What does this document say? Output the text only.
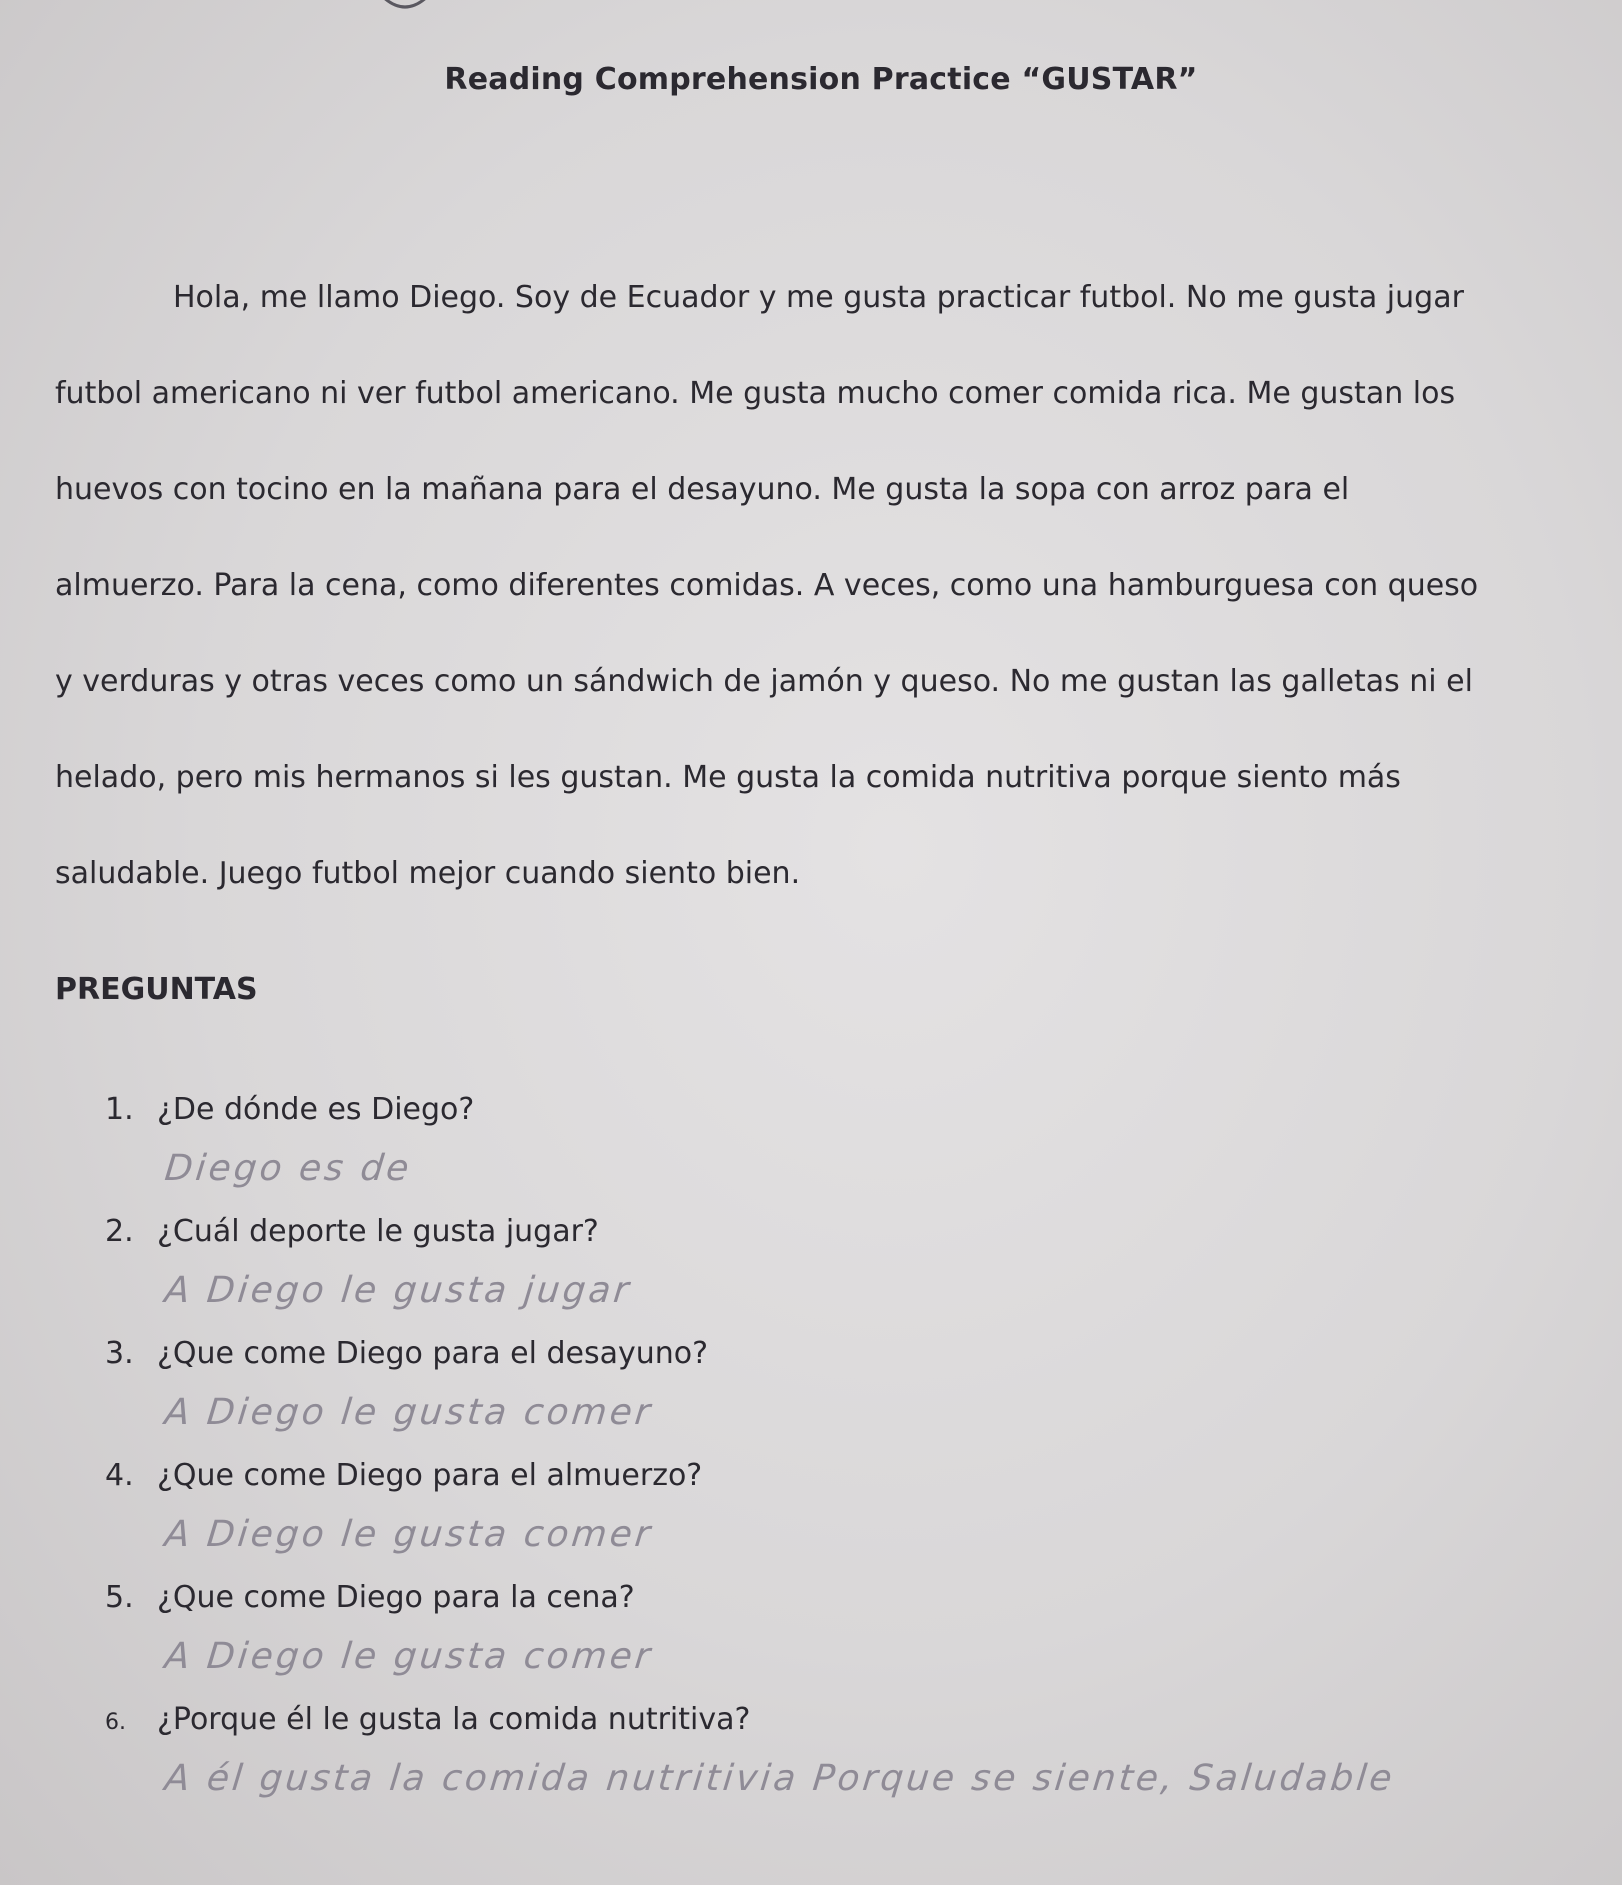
Reading Comprehension Practice “GUSTAR”
Hola, me llamo Diego. Soy de Ecuador y me gusta practicar futbol. No me gusta jugar
futbol americano ni ver futbol americano. Me gusta mucho comer comida rica. Me gustan los
huevos con tocino en la mañana para el desayuno. Me gusta la sopa con arroz para el
almuerzo. Para la cena, como diferentes comidas. A veces, como una hamburguesa con queso
y verduras y otras veces como un sándwich de jamón y queso. No me gustan las galletas ni el
helado, pero mis hermanos si les gustan. Me gusta la comida nutritiva porque siento más
saludable. Juego futbol mejor cuando siento bien.
PREGUNTAS
1. ¿De dónde es Diego?
Diego es de
2. ¿Cuál deporte le gusta jugar?
A Diego le gusta jugar
3. ¿Que come Diego para el desayuno?
A Diego le gusta comer
4. ¿Que come Diego para el almuerzo?
A Diego le gusta comer
5. ¿Que come Diego para la cena?
A Diego le gusta comer
6. ¿Porque él le gusta la comida nutritiva?
A él gusta la comida nutritivia Porque se siente, Saludable
